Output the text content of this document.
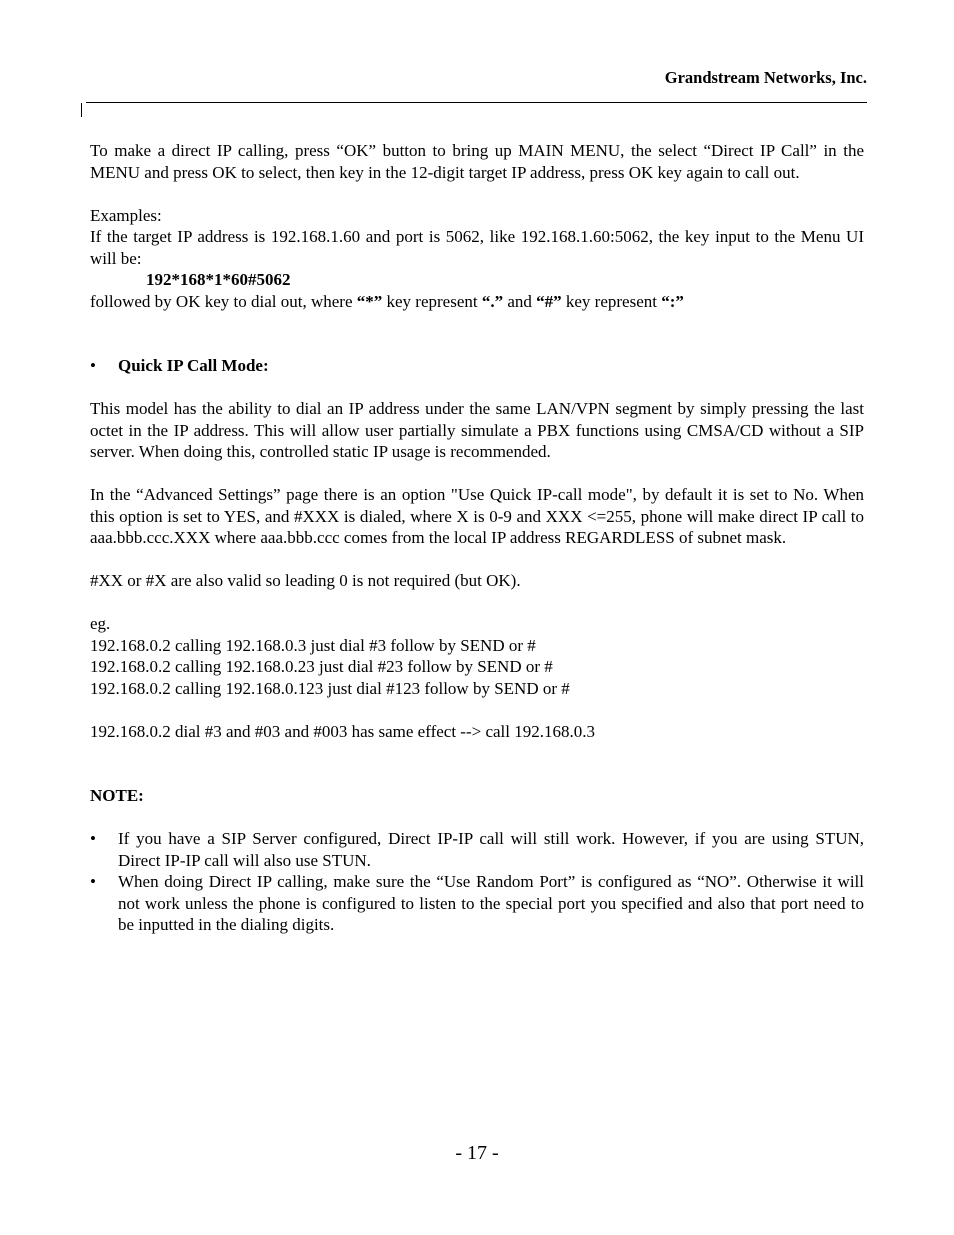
Grandstream Networks, Inc.

To make a direct IP calling, press “OK” button to bring up MAIN MENU, the select “Direct IP Call” in the MENU and press OK to select, then key in the 12-digit target IP address, press OK key again to call out.

Examples:

If the target IP address is 192.168.1.60 and port is 5062, like 192.168.1.60:5062, the key input to the Menu UI will be:

192*168*1*60#5062

followed by OK key to dial out, where “*” key represent “.” and “#” key represent “:”

•	Quick IP Call Mode:

This model has the ability to dial an IP address under the same LAN/VPN segment by simply pressing the last octet in the IP address. This will allow user partially simulate a PBX functions using CMSA/CD without a SIP server. When doing this, controlled static IP usage is recommended.

In the “Advanced Settings” page there is an option "Use Quick IP-call mode", by default it is set to No. When this option is set to YES, and #XXX is dialed, where X is 0-9 and XXX <=255, phone will make direct IP call to aaa.bbb.ccc.XXX where aaa.bbb.ccc comes from the local IP address REGARDLESS of subnet mask.

#XX or #X are also valid so leading 0 is not required (but OK).

eg.

192.168.0.2 calling 192.168.0.3 just dial #3 follow by SEND or #

192.168.0.2 calling 192.168.0.23 just dial #23 follow by SEND or #

192.168.0.2 calling 192.168.0.123 just dial #123 follow by SEND or #

192.168.0.2 dial #3 and #03 and #003 has same effect --> call 192.168.0.3

NOTE:

•	If you have a SIP Server configured, Direct IP-IP call will still work. However, if you are using STUN, Direct IP-IP call will also use STUN.
•	When doing Direct IP calling, make sure the “Use Random Port” is configured as “NO”. Otherwise it will not work unless the phone is configured to listen to the special port you specified and also that port need to be inputted in the dialing digits.
- 17 -
